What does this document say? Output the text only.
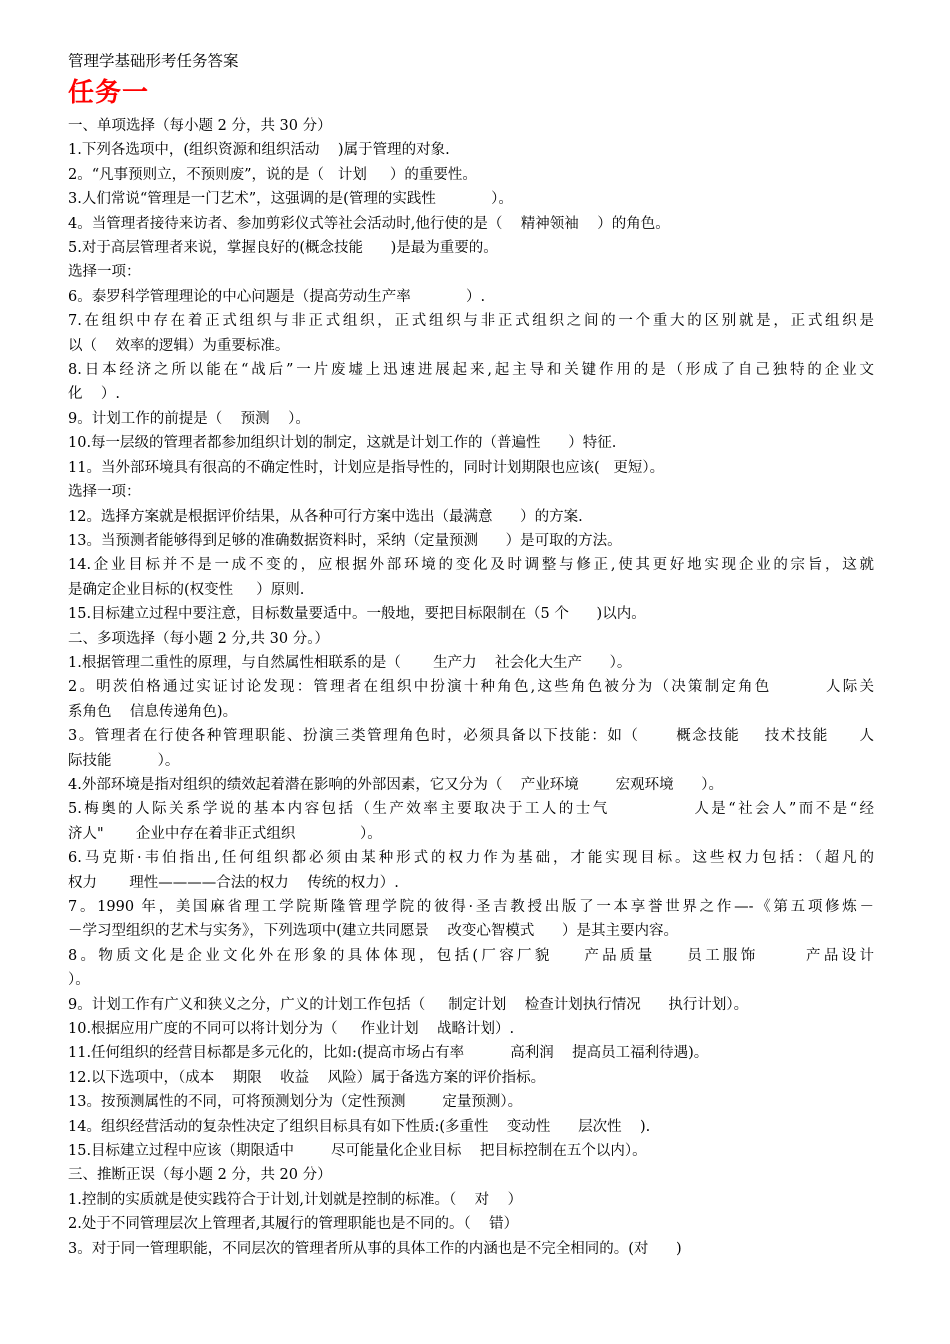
管理学基础形考任务答案
任务一
一、单项选择（每小题 2 分，共 30 分）
1.下列各选项中，(组织资源和组织活动    )属于管理的对象.
2。“凡事预则立，不预则废”，说的是（   计划     ）的重要性。
3.人们常说“管理是一门艺术”，这强调的是(管理的实践性            ）。
4。当管理者接待来访者、参加剪彩仪式等社会活动时,他行使的是（    精神领袖    ）的角色。
5.对于高层管理者来说，掌握良好的(概念技能      )是最为重要的。
选择一项：
6。泰罗科学管理理论的中心问题是（提高劳动生产率            ）.
7.在组织中存在着正式组织与非正式组织，正式组织与非正式组织之间的一个重大的区别就是，正式组织是
以（    效率的逻辑）为重要标准。
8.日本经济之所以能在“战后”一片废墟上迅速进展起来,起主导和关键作用的是（形成了自己独特的企业文
化    ）.
9。计划工作的前提是（    预测    ）。
10.每一层级的管理者都参加组织计划的制定，这就是计划工作的（普遍性      ）特征.
11。当外部环境具有很高的不确定性时，计划应是指导性的，同时计划期限也应该(   更短）。
选择一项：
12。选择方案就是根据评价结果，从各种可行方案中选出（最满意      ）的方案.
13。当预测者能够得到足够的准确数据资料时，采纳（定量预测      ）是可取的方法。
14.企业目标并不是一成不变的，应根据外部环境的变化及时调整与修正,使其更好地实现企业的宗旨，这就
是确定企业目标的(权变性     ）原则.
15.目标建立过程中要注意，目标数量要适中。一般地，要把目标限制在（5 个      )以内。
二、多项选择（每小题 2 分,共 30 分。）
1.根据管理二重性的原理，与自然属性相联系的是（       生产力    社会化大生产      ）。
2。明茨伯格通过实证讨论发现：管理者在组织中扮演十种角色,这些角色被分为（决策制定角色        人际关
系角色    信息传递角色)。
3。管理者在行使各种管理职能、扮演三类管理角色时，必须具备以下技能：如（      概念技能    技术技能     人
际技能          ）。
4.外部环境是指对组织的绩效起着潜在影响的外部因素，它又分为（    产业环境        宏观环境      ）。
5.梅奥的人际关系学说的基本内容包括（生产效率主要取决于工人的士气            人是“社会人”而不是“经
济人"       企业中存在着非正式组织              ）。
6.马克斯·韦伯指出,任何组织都必须由某种形式的权力作为基础，才能实现目标。这些权力包括：（超凡的
权力       理性————合法的权力    传统的权力）.
7。1990 年，美国麻省理工学院斯隆管理学院的彼得·圣吉教授出版了一本享誉世界之作—-《第五项修炼－
－学习型组织的艺术与实务》，下列选项中(建立共同愿景    改变心智模式      ）是其主要内容。
8。物质文化是企业文化外在形象的具体体现，包括(厂容厂貌    产品质量    员工服饰      产品设计
）。
9。计划工作有广义和狭义之分，广义的计划工作包括（     制定计划    检查计划执行情况      执行计划）。
10.根据应用广度的不同可以将计划分为（     作业计划    战略计划）.
11.任何组织的经营目标都是多元化的，比如:(提高市场占有率          高利润    提高员工福利待遇)。
12.以下选项中，（成本    期限    收益    风险）属于备选方案的评价指标。
13。按预测属性的不同，可将预测划分为（定性预测        定量预测）。
14。组织经营活动的复杂性决定了组织目标具有如下性质:(多重性    变动性      层次性    ).
15.目标建立过程中应该（期限适中        尽可能量化企业目标    把目标控制在五个以内）。
三、推断正误（每小题 2 分，共 20 分）
1.控制的实质就是使实践符合于计划,计划就是控制的标准。（    对    ）
2.处于不同管理层次上管理者,其履行的管理职能也是不同的。（    错）
3。对于同一管理职能，不同层次的管理者所从事的具体工作的内涵也是不完全相同的。(对      )
